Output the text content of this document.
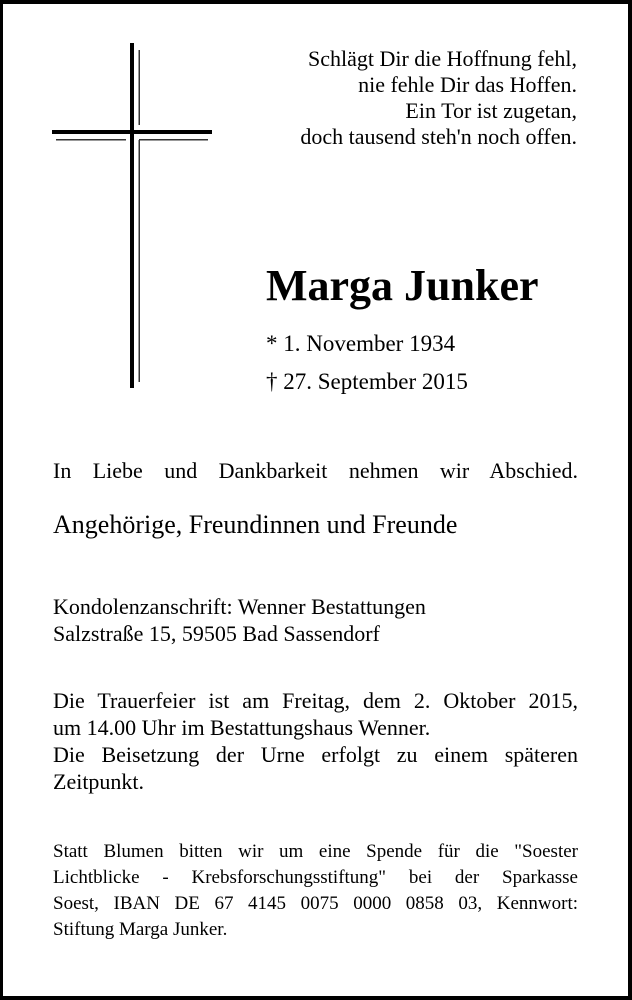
Schlägt Dir die Hoffnung fehl,
nie fehle Dir das Hoffen.
Ein Tor ist zugetan,
doch tausend steh'n noch offen.
Marga Junker
* 1. November 1934
† 27. September 2015
In Liebe und Dankbarkeit nehmen wir Abschied.
Angehörige, Freundinnen und Freunde
Kondolenzanschrift: Wenner Bestattungen
Salzstraße 15, 59505 Bad Sassendorf
Die Trauerfeier ist am Freitag, dem 2. Oktober 2015,
um 14.00 Uhr im Bestattungshaus Wenner.
Die Beisetzung der Urne erfolgt zu einem späteren
Zeitpunkt.
Statt Blumen bitten wir um eine Spende für die "Soester
Lichtblicke - Krebsforschungsstiftung" bei der Sparkasse
Soest, IBAN DE 67 4145 0075 0000 0858 03, Kennwort:
Stiftung Marga Junker.
